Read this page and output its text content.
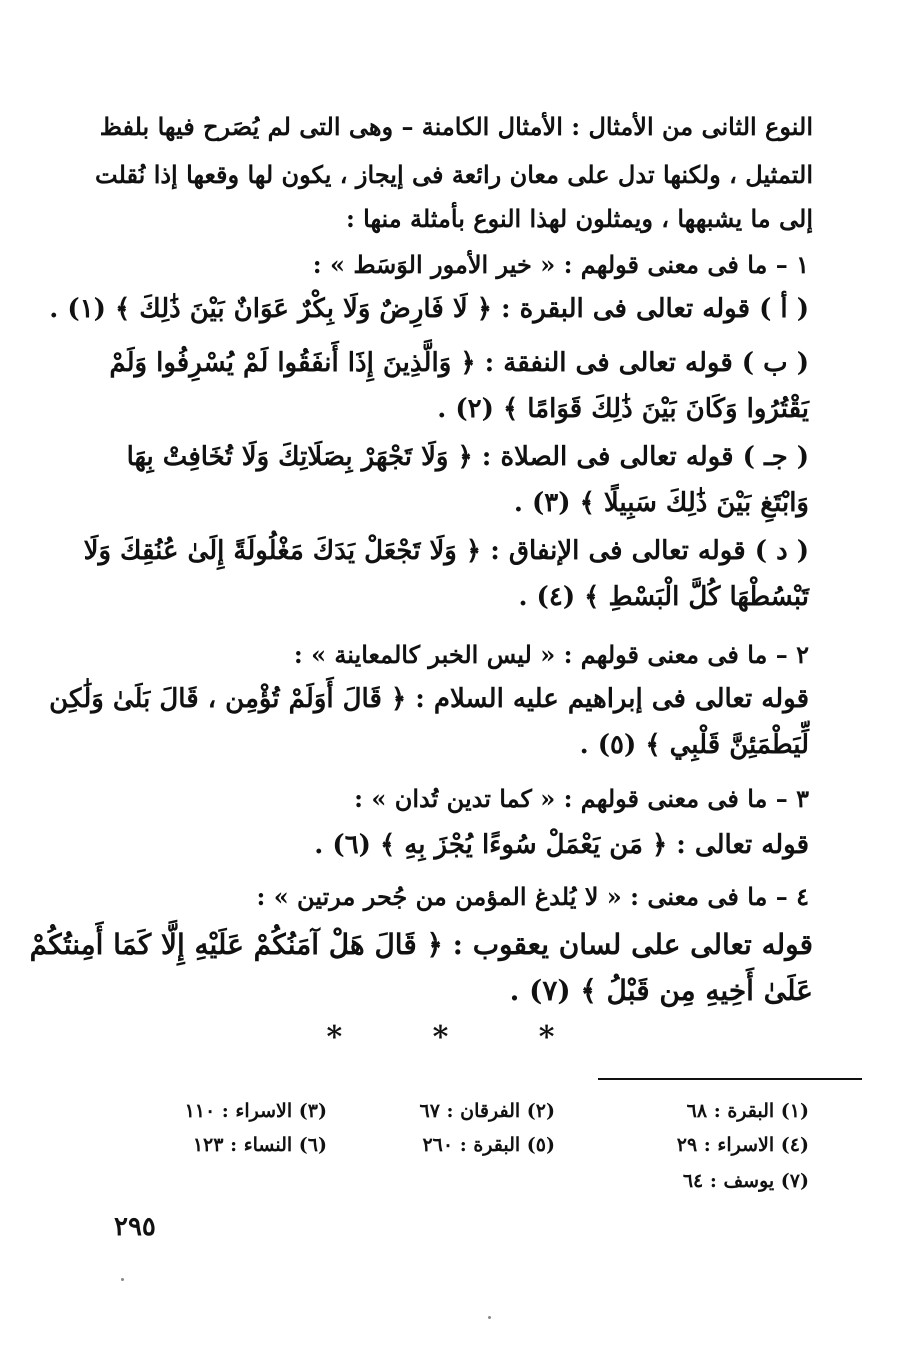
النوع الثانى من الأمثال : الأمثال الكامنة – وهى التى لم يُصَرح فيها بلفظ
التمثيل ، ولكنها تدل على معان رائعة فى إيجاز ، يكون لها وقعها إذا نُقلت
إلى ما يشبهها ، ويمثلون لهذا النوع بأمثلة منها :
١ – ما فى معنى قولهم : « خير الأمور الوَسَط » :
( أ ) قوله تعالى فى البقرة : ﴿ لَا فَارِضٌ وَلَا بِكْرٌ عَوَانٌ بَيْنَ ذَٰلِكَ ﴾ (١) .
( ب ) قوله تعالى فى النفقة : ﴿ وَالَّذِينَ إِذَا أَنفَقُوا لَمْ يُسْرِفُوا وَلَمْ
يَقْتُرُوا وَكَانَ بَيْنَ ذَٰلِكَ قَوَامًا ﴾ (٢) .
( جـ ) قوله تعالى فى الصلاة : ﴿ وَلَا تَجْهَرْ بِصَلَاتِكَ وَلَا تُخَافِتْ بِهَا
وَابْتَغِ بَيْنَ ذَٰلِكَ سَبِيلًا ﴾ (٣) .
( د ) قوله تعالى فى الإنفاق : ﴿ وَلَا تَجْعَلْ يَدَكَ مَغْلُولَةً إِلَىٰ عُنُقِكَ وَلَا
تَبْسُطْهَا كُلَّ الْبَسْطِ ﴾ (٤) .
٢ – ما فى معنى قولهم : « ليس الخبر كالمعاينة » :
قوله تعالى فى إبراهيم عليه السلام : ﴿ قَالَ أَوَلَمْ تُؤْمِن ، قَالَ بَلَىٰ وَلَٰكِن
لِّيَطْمَئِنَّ قَلْبِي ﴾ (٥) .
٣ – ما فى معنى قولهم : « كما تدين تُدان » :
قوله تعالى : ﴿ مَن يَعْمَلْ سُوءًا يُجْزَ بِهِ ﴾ (٦) .
٤ – ما فى معنى : « لا يُلدغ المؤمن من جُحر مرتين » :
قوله تعالى على لسان يعقوب : ﴿ قَالَ هَلْ آمَنُكُمْ عَلَيْهِ إِلَّا كَمَا أَمِنتُكُمْ
عَلَىٰ أَخِيهِ مِن قَبْلُ ﴾ (٧) .
* * *
(١) البقرة : ٦٨
(٢) الفرقان : ٦٧
(٣) الاسراء : ١١٠
(٤) الاسراء : ٢٩
(٥) البقرة : ٢٦٠
(٦) النساء : ١٢٣
(٧) يوسف : ٦٤
٢٩٥
